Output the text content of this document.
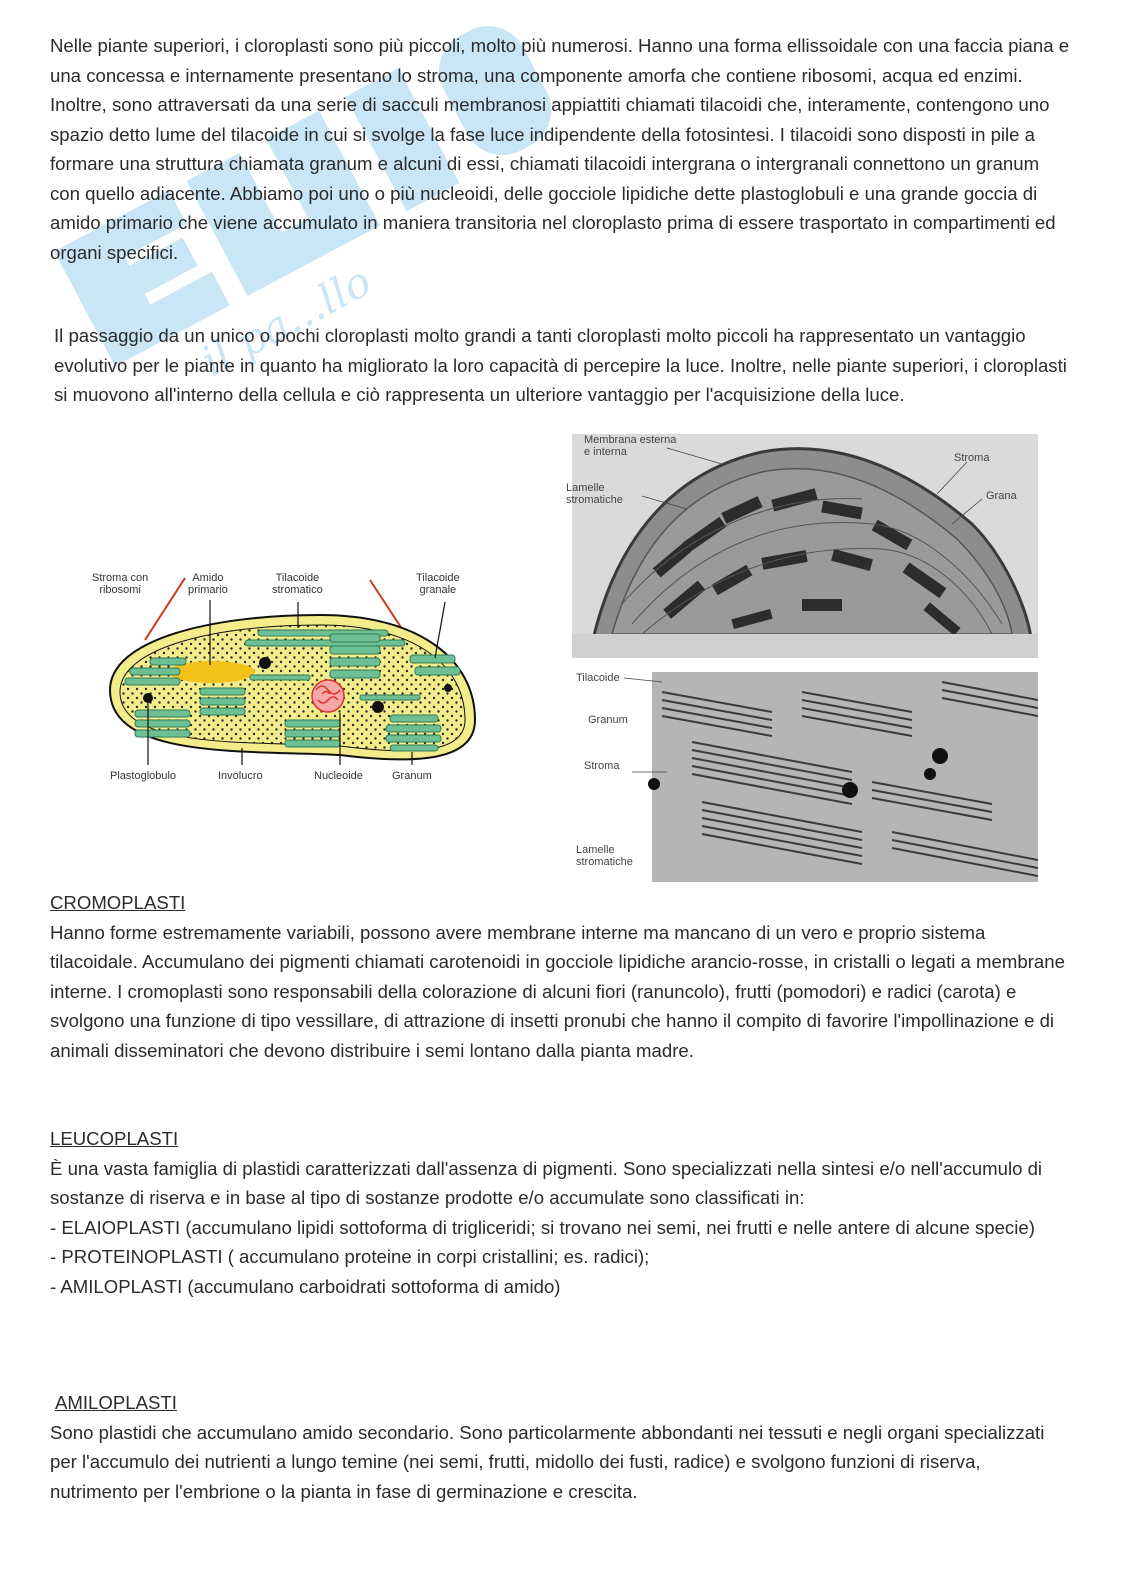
il pa...llo

Nelle piante superiori, i cloroplasti sono più piccoli, molto più numerosi. Hanno una forma ellissoidale con una faccia piana e una concessa e internamente presentano lo stroma, una componente amorfa che contiene ribosomi, acqua ed enzimi. Inoltre, sono attraversati da una serie di sacculi membranosi appiattiti chiamati tilacoidi che, interamente, contengono uno spazio detto lume del tilacoide in cui si svolge la fase luce indipendente della fotosintesi. I tilacoidi sono disposti in pile a formare una struttura chiamata granum e alcuni di essi, chiamati tilacoidi intergrana o intergranali connettono un granum con quello adiacente. Abbiamo poi uno o più nucleoidi, delle gocciole lipidiche dette plastoglobuli e una grande goccia di amido primario che viene accumulato in maniera transitoria nel cloroplasto prima di essere trasportato in compartimenti ed organi specifici.

Il passaggio da un unico o pochi cloroplasti molto grandi a tanti cloroplasti molto piccoli ha rappresentato un vantaggio evolutivo per le piante in quanto ha migliorato la loro capacità di percepire la luce. Inoltre, nelle piante superiori, i cloroplasti si muovono all'interno della cellula e ciò rappresenta un ulteriore vantaggio per l'acquisizione della luce.

Stroma con
ribosomi
Amido
primario
Tilacoide
stromatico
Tilacoide
granale
Plastoglobulo	Involucro	Nucleoide	Granum
Membrana esterna
e interna	Stroma
Lamelle
stromatiche	Grana
Tilacoide
Granum
Stroma
Lamelle
stromatiche
CROMOPLASTI

Hanno forme estremamente variabili, possono avere membrane interne ma mancano di un vero e proprio sistema tilacoidale. Accumulano dei pigmenti chiamati carotenoidi in gocciole lipidiche arancio-rosse, in cristalli o legati a membrane interne. I cromoplasti sono responsabili della colorazione di alcuni fiori (ranuncolo), frutti (pomodori) e radici (carota) e svolgono una funzione di tipo vessillare, di attrazione di insetti pronubi che hanno il compito di favorire l'impollinazione e di animali disseminatori che devono distribuire i semi lontano dalla pianta madre.

LEUCOPLASTI

È una vasta famiglia di plastidi caratterizzati dall'assenza di pigmenti. Sono specializzati nella sintesi e/o nell'accumulo di sostanze di riserva e in base al tipo di sostanze prodotte e/o accumulate sono classificati in:

- ELAIOPLASTI (accumulano lipidi sottoforma di trigliceridi; si trovano nei semi, nei frutti e nelle antere di alcune specie)

- PROTEINOPLASTI ( accumulano proteine in corpi cristallini; es. radici);

- AMILOPLASTI (accumulano carboidrati sottoforma di amido)

AMILOPLASTI

Sono plastidi che accumulano amido secondario. Sono particolarmente abbondanti nei tessuti e negli organi specializzati per l'accumulo dei nutrienti a lungo temine (nei semi, frutti, midollo dei fusti, radice) e svolgono funzioni di riserva, nutrimento per l'embrione o la pianta in fase di germinazione e crescita.
